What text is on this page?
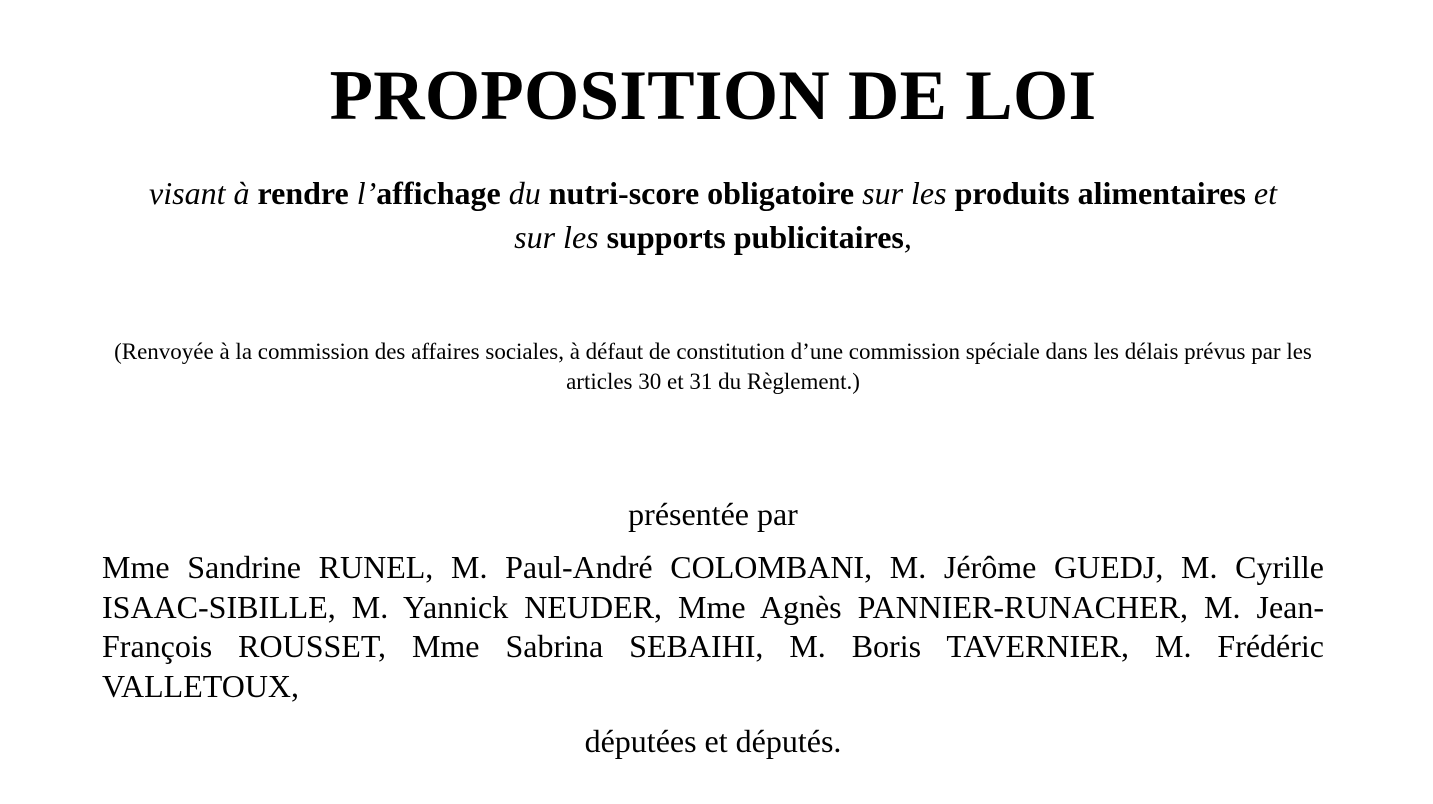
PROPOSITION DE LOI

visant à rendre l’affichage du nutri-score obligatoire sur les produits alimentaires et sur les supports publicitaires,

(Renvoyée à la commission des affaires sociales, à défaut de constitution d’une commission spéciale dans les délais prévus par les articles 30 et 31 du Règlement.)

présentée par

Mme Sandrine RUNEL, M. Paul-André COLOMBANI, M. Jérôme GUEDJ, M. Cyrille ISAAC-SIBILLE, M. Yannick NEUDER, Mme Agnès PANNIER-RUNACHER, M. Jean-François ROUSSET, Mme Sabrina SEBAIHI, M. Boris TAVERNIER, M. Frédéric VALLETOUX,

députées et députés.
